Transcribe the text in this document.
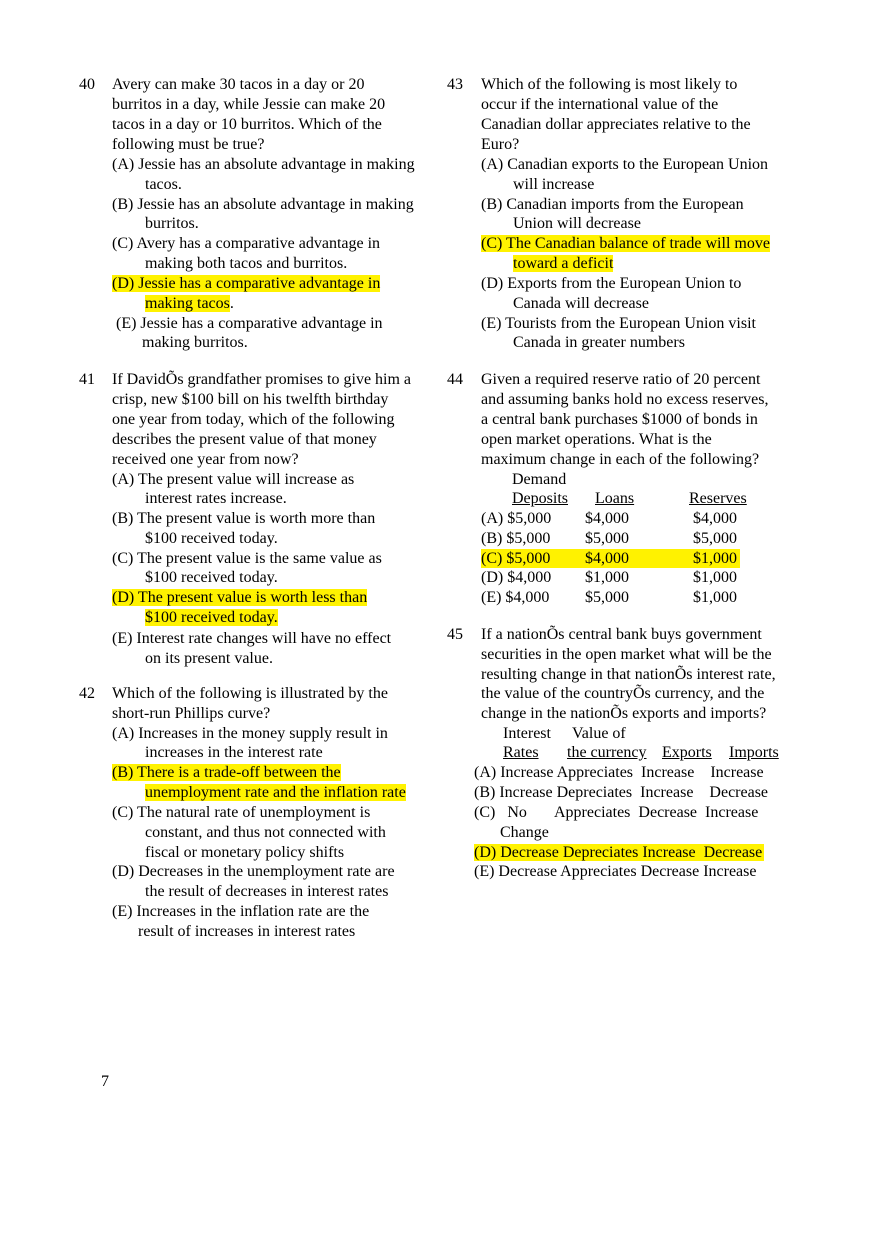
40 Avery can make 30 tacos in a day or 20
burritos in a day, while Jessie can make 20
tacos in a day or 10 burritos. Which of the
following must be true?
(A) Jessie has an absolute advantage in making
tacos.
(B) Jessie has an absolute advantage in making
burritos.
(C) Avery has a comparative advantage in
making both tacos and burritos.
(D) Jessie has a comparative advantage in
making tacos.
(E) Jessie has a comparative advantage in
making burritos.
41 If DavidÕs grandfather promises to give him a
crisp, new $100 bill on his twelfth birthday
one year from today, which of the following
describes the present value of that money
received one year from now?
(A) The present value will increase as
interest rates increase.
(B) The present value is worth more than
$100 received today.
(C) The present value is the same value as
$100 received today.
(D) The present value is worth less than
$100 received today.
(E) Interest rate changes will have no effect
on its present value.
42 Which of the following is illustrated by the
short-run Phillips curve?
(A) Increases in the money supply result in
increases in the interest rate
(B) There is a trade-off between the
unemployment rate and the inflation rate
(C) The natural rate of unemployment is
constant, and thus not connected with
fiscal or monetary policy shifts
(D) Decreases in the unemployment rate are
the result of decreases in interest rates
(E) Increases in the inflation rate are the
result of increases in interest rates
43 Which of the following is most likely to
occur if the international value of the
Canadian dollar appreciates relative to the
Euro?
(A) Canadian exports to the European Union
will increase
(B) Canadian imports from the European
Union will decrease
(C) The Canadian balance of trade will move
toward a deficit
(D) Exports from the European Union to
Canada will decrease
(E) Tourists from the European Union visit
Canada in greater numbers
44 Given a required reserve ratio of 20 percent
and assuming banks hold no excess reserves,
a central bank purchases $1000 of bonds in
open market operations. What is the
maximum change in each of the following?
Demand
Deposits Loans	Reserves
(A) $5,000 $4,000	$4,000
(B) $5,000 $5,000	$5,000
(C) $5,000 $4,000	$1,000
(D) $4,000 $1,000	$1,000
(E) $4,000 $5,000	$1,000
45 If a nationÕs central bank buys government
securities in the open market what will be the
resulting change in that nationÕs interest rate,
the value of the countryÕs currency, and the
change in the nationÕs exports and imports?
Interest Value of
Rates the currency Exports Imports
(A) Increase Appreciates  Increase    Increase
(B) Increase Depreciates  Increase    Decrease
(C)   No       Appreciates  Decrease  Increase
Change
(D) Decrease Depreciates Increase  Decrease
(E) Decrease Appreciates Decrease Increase
7
